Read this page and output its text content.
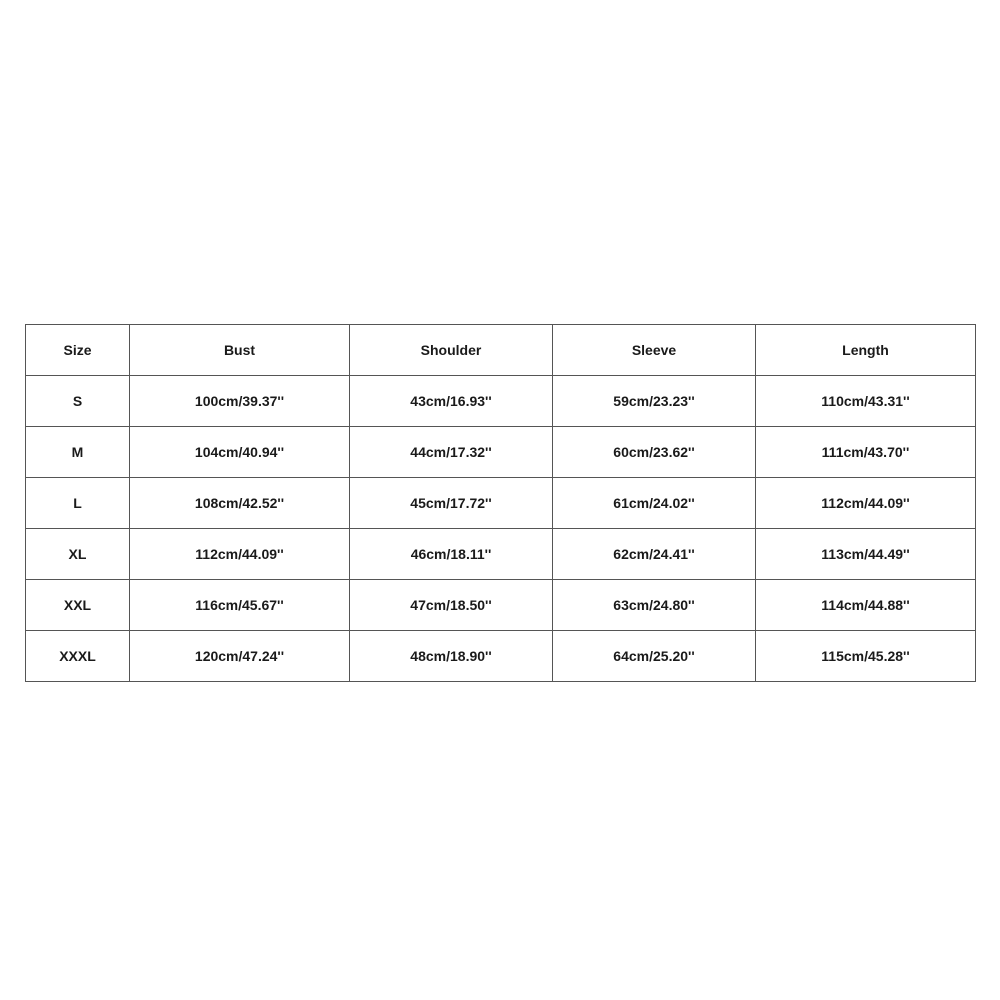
Size	Bust	Shoulder	Sleeve	Length
S	100cm/39.37''	43cm/16.93''	59cm/23.23''	110cm/43.31''
M	104cm/40.94''	44cm/17.32''	60cm/23.62''	111cm/43.70''
L	108cm/42.52''	45cm/17.72''	61cm/24.02''	112cm/44.09''
XL	112cm/44.09''	46cm/18.11''	62cm/24.41''	113cm/44.49''
XXL	116cm/45.67''	47cm/18.50''	63cm/24.80''	114cm/44.88''
XXXL	120cm/47.24''	48cm/18.90''	64cm/25.20''	115cm/45.28''
